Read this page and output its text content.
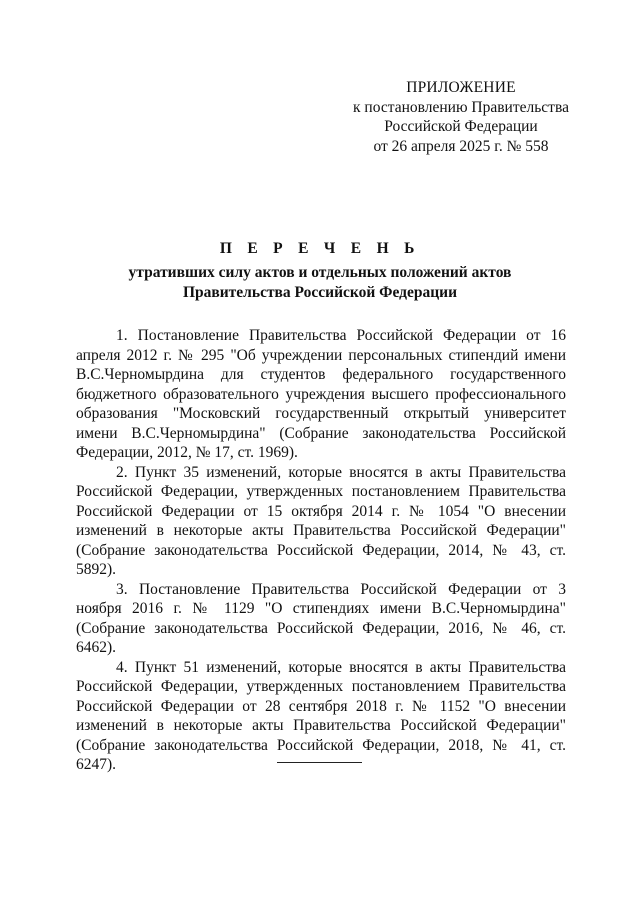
ПРИЛОЖЕНИЕ
к постановлению Правительства
Российской Федерации
от 26 апреля 2025 г. № 558
П Е Р Е Ч Е Н Ь
утративших силу актов и отдельных положений актов
Правительства Российской Федерации

1. Постановление Правительства Российской Федерации от 16 апреля 2012 г. № 295 "Об учреждении персональных стипендий имени В.С.Черномырдина для студентов федерального государственного бюджетного образовательного учреждения высшего профессионального образования "Московский государственный открытый университет имени В.С.Черномырдина" (Собрание законодательства Российской Федерации, 2012, № 17, ст. 1969).

2. Пункт 35 изменений, которые вносятся в акты Правительства Российской Федерации, утвержденных постановлением Правительства Российской Федерации от 15 октября 2014 г. № 1054 "О внесении изменений в некоторые акты Правительства Российской Федерации" (Собрание законодательства Российской Федерации, 2014, № 43, ст. 5892).

3. Постановление Правительства Российской Федерации от 3 ноября 2016 г. № 1129 "О стипендиях имени В.С.Черномырдина" (Собрание законодательства Российской Федерации, 2016, № 46, ст. 6462).

4. Пункт 51 изменений, которые вносятся в акты Правительства Российской Федерации, утвержденных постановлением Правительства Российской Федерации от 28 сентября 2018 г. № 1152 "О внесении изменений в некоторые акты Правительства Российской Федерации" (Собрание законодательства Российской Федерации, 2018, № 41, ст. 6247).
